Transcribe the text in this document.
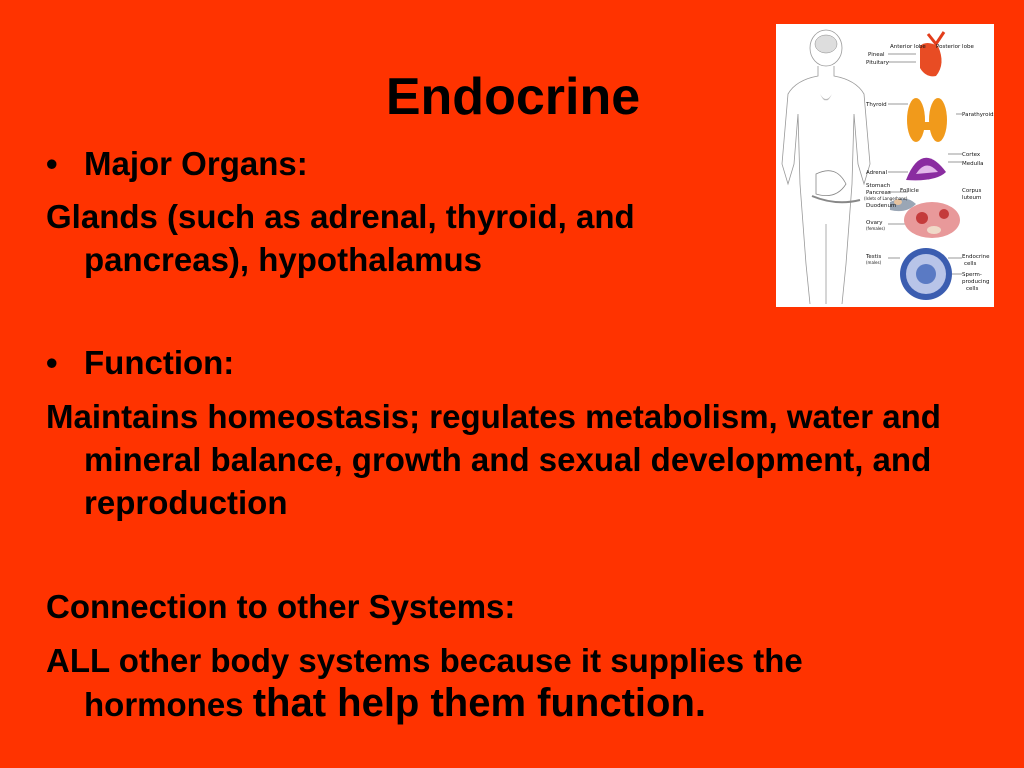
Endocrine
• Major Organs:
Glands (such as adrenal, thyroid, and pancreas), hypothalamus
• Function:
Maintains homeostasis; regulates metabolism, water and mineral balance, growth and sexual development, and reproduction
Connection to other Systems:
ALL other body systems because it supplies the hormones that help them function.
Anterior lobe Posterior lobe
Pineal
Pituitary
Thyroid
Parathyroids
Cortex
Medulla
Adrenal
Stomach
Pancreas
(Islets of Langerhans)
Duodenum
Follicle	Corpus
luteum
Ovary
(females)
Testis
(males)
Endocrine
cells
Sperm-
producing
cells
